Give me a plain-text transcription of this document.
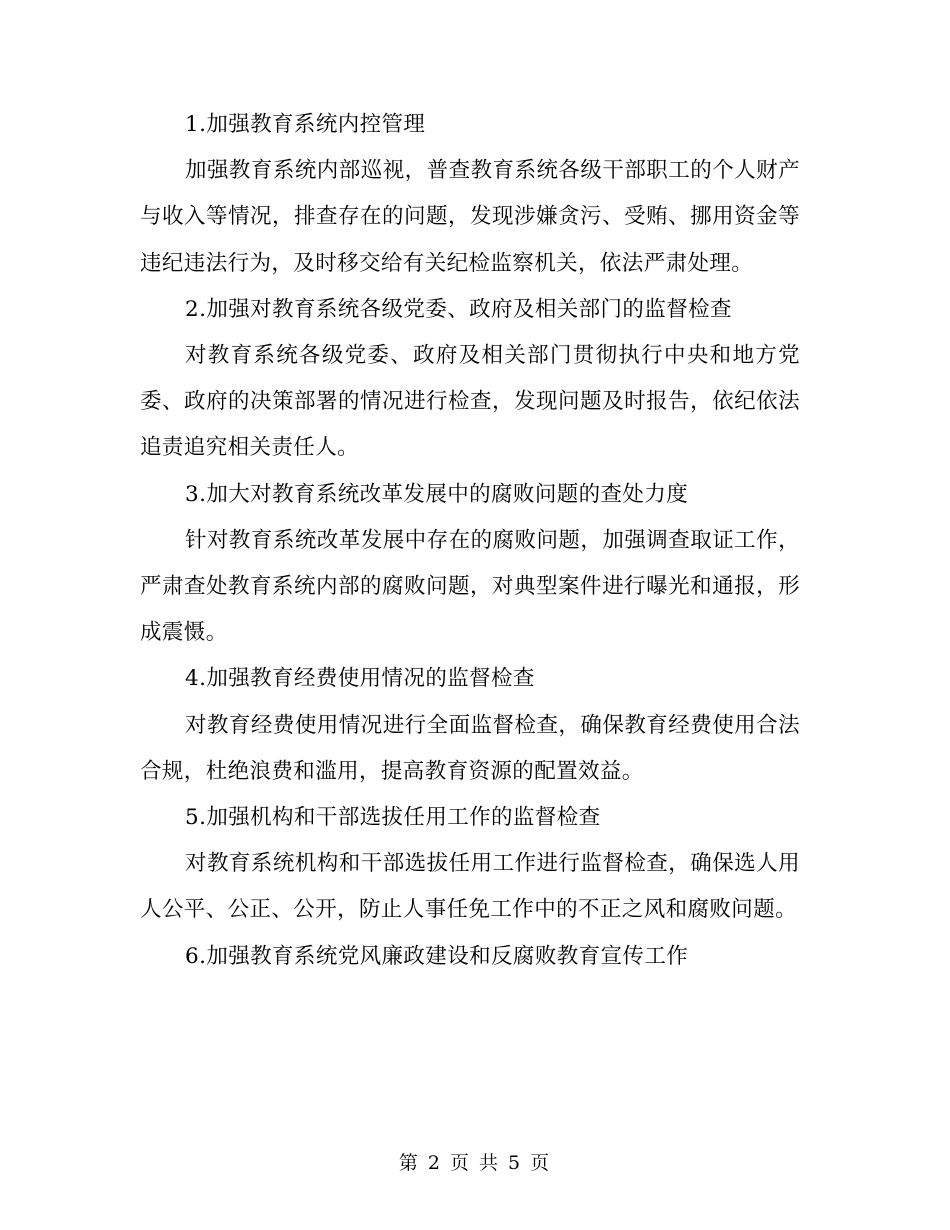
1.加强教育系统内控管理

加强教育系统内部巡视，普查教育系统各级干部职工的个人财产与收入等情况，排查存在的问题，发现涉嫌贪污、受贿、挪用资金等违纪违法行为，及时移交给有关纪检监察机关，依法严肃处理。

2.加强对教育系统各级党委、政府及相关部门的监督检查

对教育系统各级党委、政府及相关部门贯彻执行中央和地方党委、政府的决策部署的情况进行检查，发现问题及时报告，依纪依法追责追究相关责任人。

3.加大对教育系统改革发展中的腐败问题的查处力度

针对教育系统改革发展中存在的腐败问题，加强调查取证工作，严肃查处教育系统内部的腐败问题，对典型案件进行曝光和通报，形成震慑。

4.加强教育经费使用情况的监督检查

对教育经费使用情况进行全面监督检查，确保教育经费使用合法合规，杜绝浪费和滥用，提高教育资源的配置效益。

5.加强机构和干部选拔任用工作的监督检查

对教育系统机构和干部选拔任用工作进行监督检查，确保选人用人公平、公正、公开，防止人事任免工作中的不正之风和腐败问题。

6.加强教育系统党风廉政建设和反腐败教育宣传工作

第 2 页 共 5 页
